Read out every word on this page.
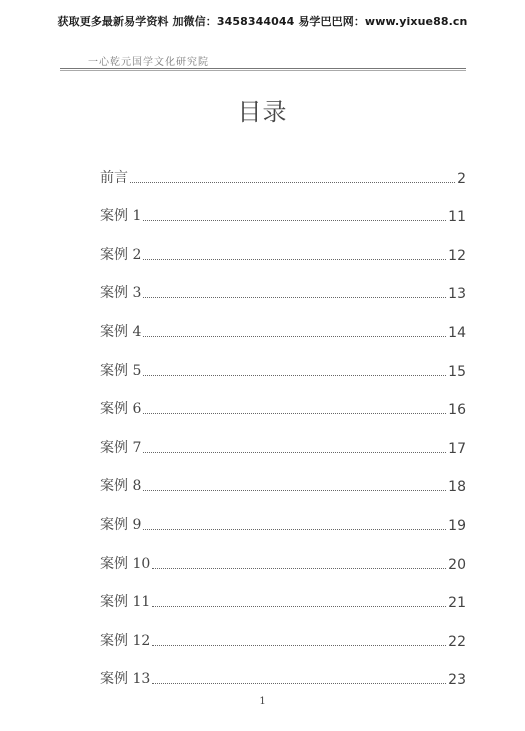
获取更多最新易学资料 加微信：3458344044 易学巴巴网：www.yixue88.cn
一心乾元国学文化研究院
目录
前言	2
案例 1	11
案例 2	12
案例 3	13
案例 4	14
案例 5	15
案例 6	16
案例 7	17
案例 8	18
案例 9	19
案例 10	20
案例 11	21
案例 12	22
案例 13	23
1
